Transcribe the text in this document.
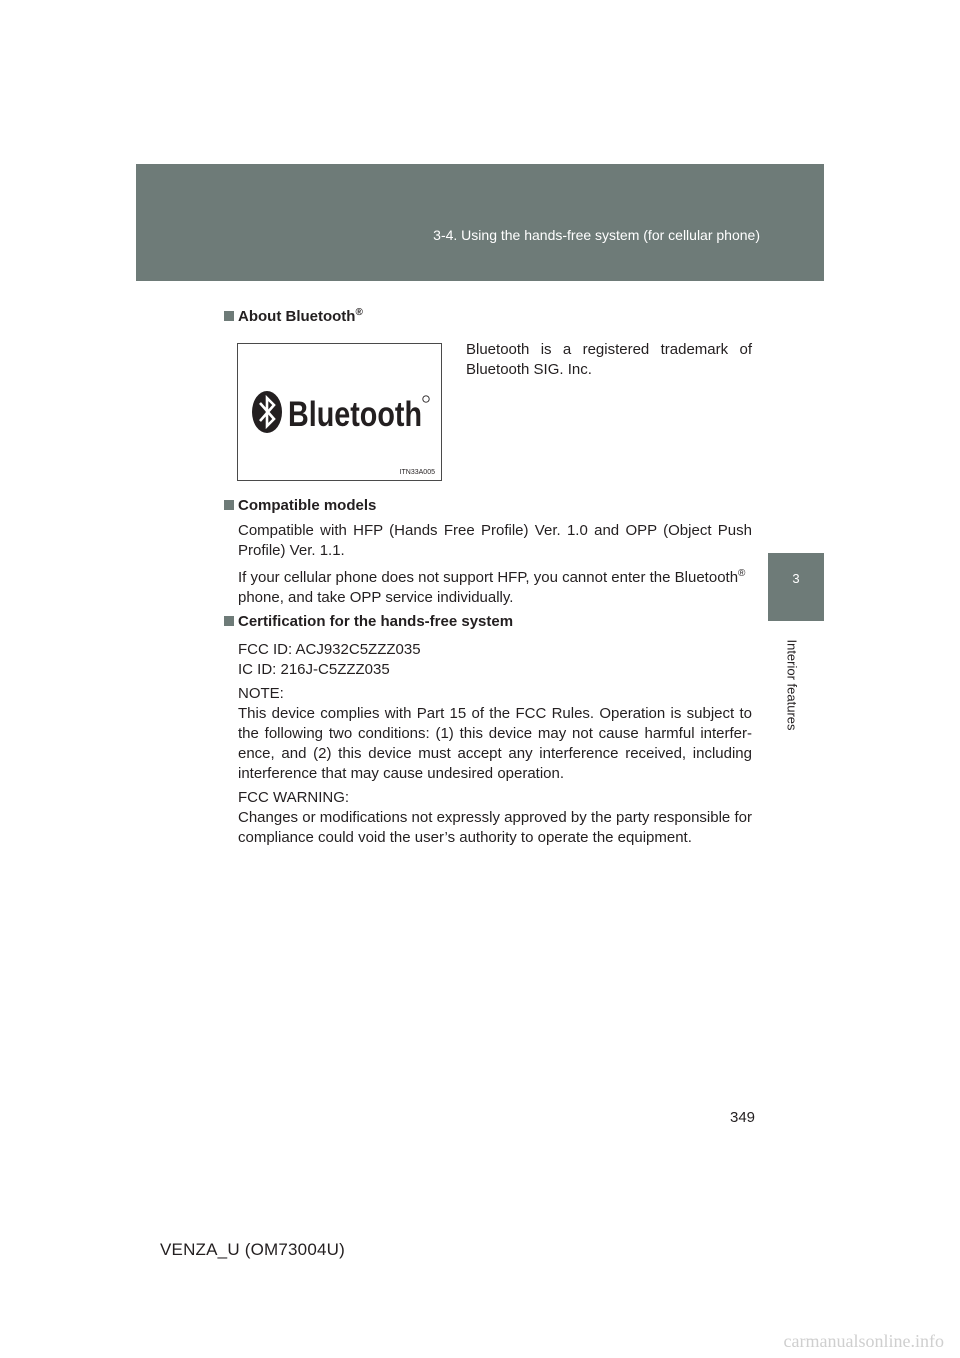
3-4. Using the hands-free system (for cellular phone)
3
Interior features
About Bluetooth®
Bluetooth
ITN33A005
Bluetooth is a registered trademark of Bluetooth SIG. Inc.
Compatible models
Compatible with HFP (Hands Free Profile) Ver. 1.0 and OPP (Object Push Profile) Ver. 1.1.
If your cellular phone does not support HFP, you cannot enter the Bluetooth®
phone, and take OPP service individually.
Certification for the hands-free system
FCC ID: ACJ932C5ZZZ035
IC ID: 216J-C5ZZZ035
NOTE:
This device complies with Part 15 of the FCC Rules. Operation is subject to the following two conditions: (1) this device may not cause harmful interfer-ence, and (2) this device must accept any interference received, including interference that may cause undesired operation.
FCC WARNING:
Changes or modifications not expressly approved by the party responsible for compliance could void the user’s authority to operate the equipment.
349
VENZA_U (OM73004U)
carmanualsonline.info
